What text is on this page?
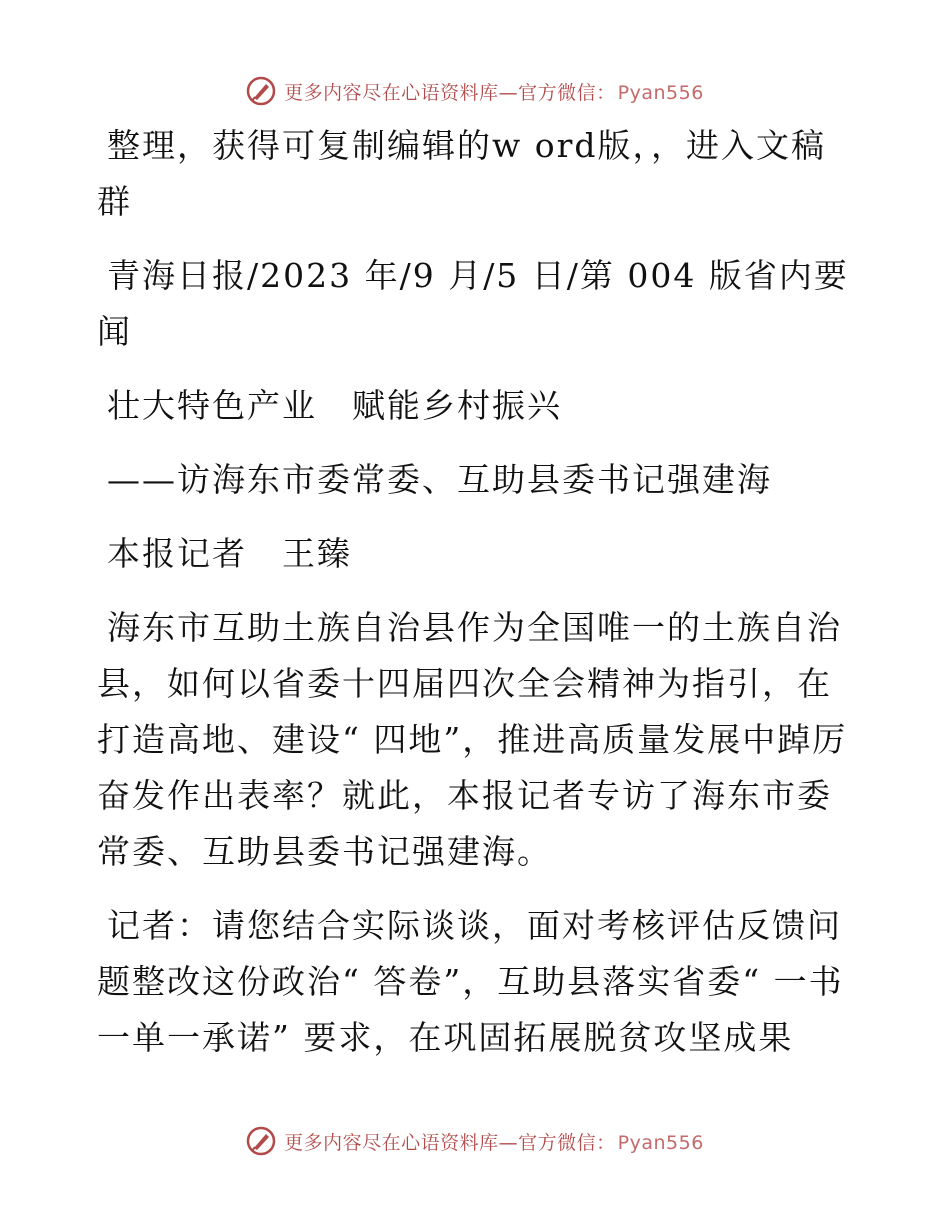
更多内容尽在心语资料库—官方微信： Pyan556

整理，获得可复制编辑的w ord版，，进入文稿群

青海日报/2023 年/9 月/5 日/第 004 版省内要闻

壮大特色产业　赋能乡村振兴

——访海东市委常委、互助县委书记强建海

本报记者　王臻

海东市互助土族自治县作为全国唯一的土族自治县，如何以省委十四届四次全会精神为指引，在打造高地、建设“ 四地”，推进高质量发展中踔厉奋发作出表率？就此，本报记者专访了海东市委常委、互助县委书记强建海。

记者：请您结合实际谈谈，面对考核评估反馈问题整改这份政治“ 答卷”，互助县落实省委“ 一书一单一承诺” 要求，在巩固拓展脱贫攻坚成果

更多内容尽在心语资料库—官方微信： Pyan556
